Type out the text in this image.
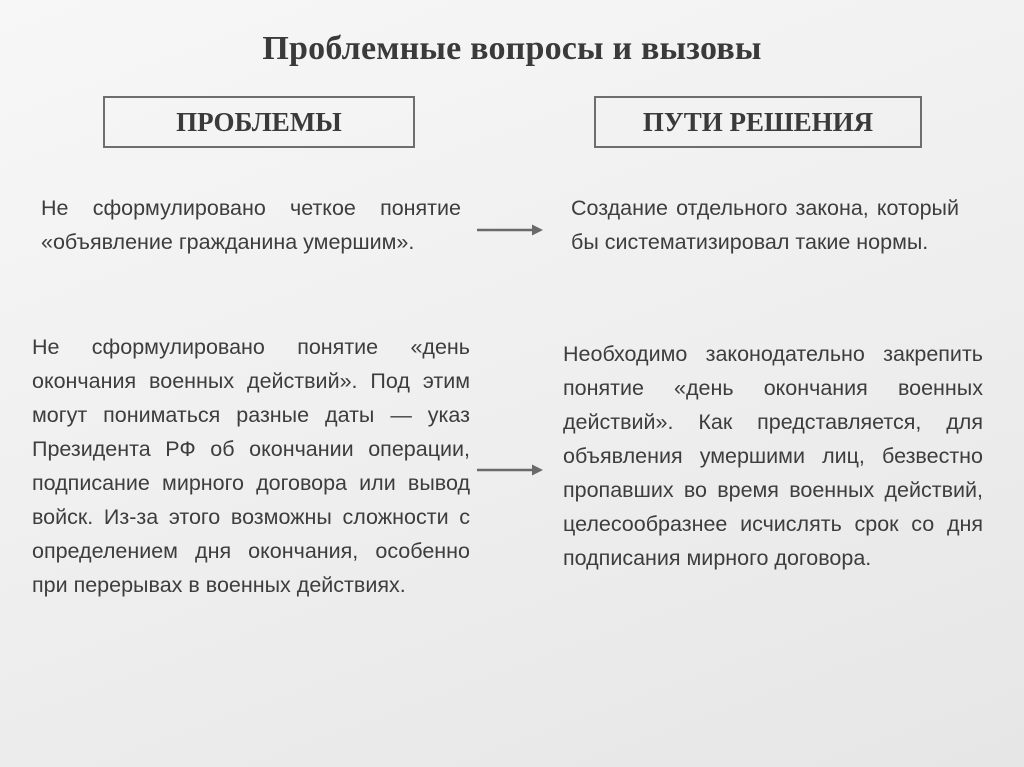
Проблемные вопросы и вызовы
ПРОБЛЕМЫ	ПУТИ РЕШЕНИЯ
Не сформулировано четкое понятие «объявление гражданина умершим».
Создание отдельного закона, который бы систематизировал такие нормы.
Не сформулировано понятие «день окончания военных действий». Под этим могут пониматься разные даты — указ Президента РФ об окончании операции, подписание мирного договора или вывод войск. Из-за этого возможны сложности с определением дня окончания, особенно при перерывах в военных действиях.
Необходимо законодательно закрепить понятие «день окончания военных действий». Как представляется, для объявления умершими лиц, безвестно пропавших во время военных действий, целесообразнее исчислять срок со дня подписания мирного договора.
